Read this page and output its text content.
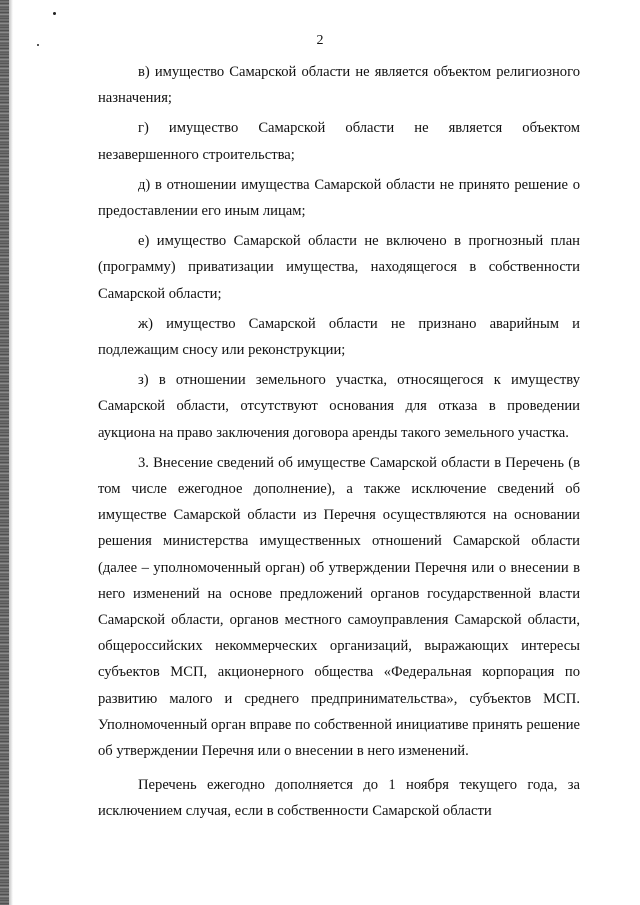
2

в) имущество Самарской области не является объектом религиозного назначения;

г) имущество Самарской области не является объектом незавершенного строительства;

д) в отношении имущества Самарской области не принято решение о предоставлении его иным лицам;

е) имущество Самарской области не включено в прогнозный план (программу) приватизации имущества, находящегося в собственности Самарской области;

ж) имущество Самарской области не признано аварийным и подлежащим сносу или реконструкции;

з) в отношении земельного участка, относящегося к имуществу Самарской области, отсутствуют основания для отказа в проведении аукциона на право заключения договора аренды такого земельного участка.

3. Внесение сведений об имуществе Самарской области в Перечень (в том числе ежегодное дополнение), а также исключение сведений об имуществе Самарской области из Перечня осуществляются на основании решения министерства имущественных отношений Самарской области (далее – уполномоченный орган) об утверждении Перечня или о внесении в него изменений на основе предложений органов государственной власти Самарской области, органов местного самоуправления Самарской области, общероссийских некоммерческих организаций, выражающих интересы субъектов МСП, акционерного общества «Федеральная корпорация по развитию малого и среднего предпринимательства», субъектов МСП. Уполномоченный орган вправе по собственной инициативе принять решение об утверждении Перечня или о внесении в него изменений.

Перечень ежегодно дополняется до 1 ноября текущего года, за исключением случая, если в собственности Самарской области
